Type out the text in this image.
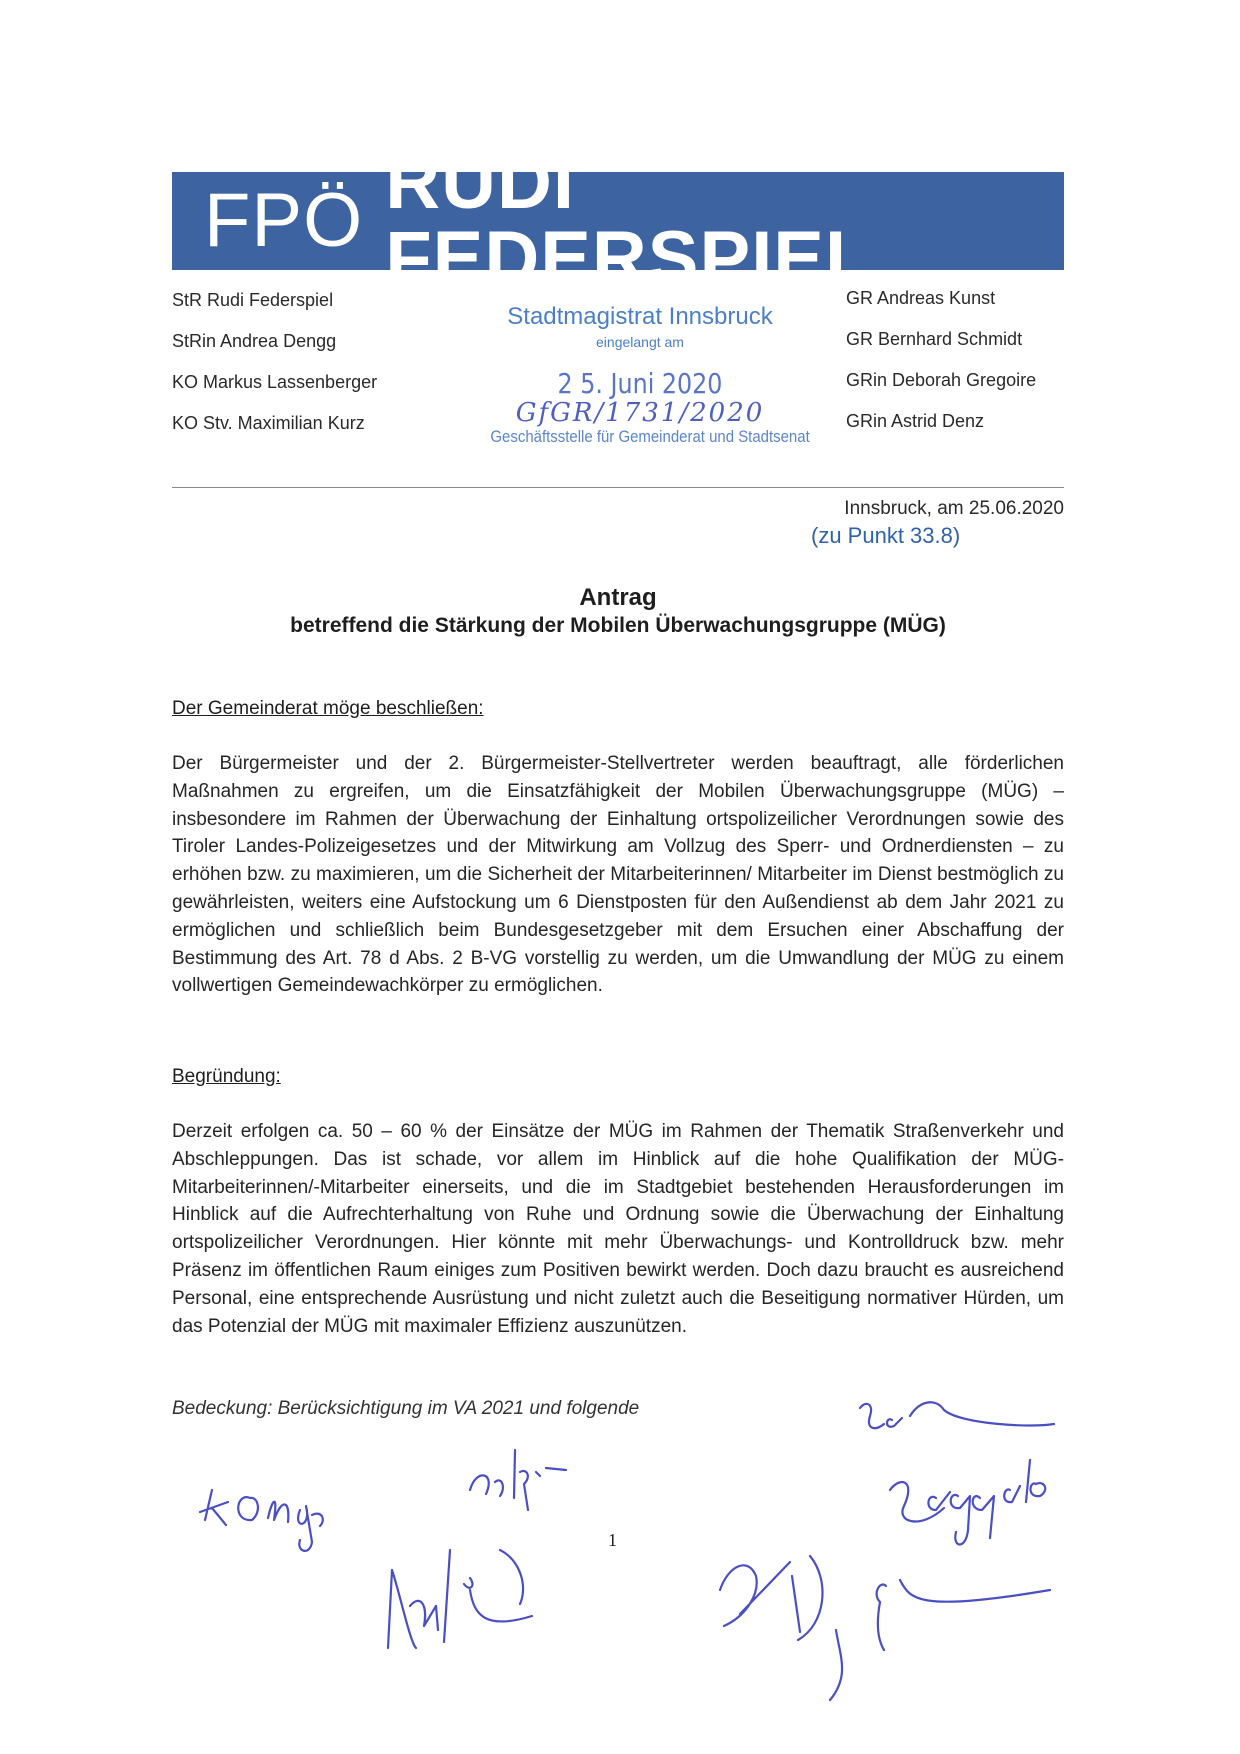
FPÖ RUDI FEDERSPIEL
StR Rudi Federspiel
StRin Andrea Dengg
KO Markus Lassenberger
KO Stv. Maximilian Kurz
GR Andreas Kunst
GR Bernhard Schmidt
GRin Deborah Gregoire
GRin Astrid Denz
Stadtmagistrat Innsbruck
eingelangt am
2 5. Juni 2020
GfGR/1731/2020
Geschäftsstelle für Gemeinderat und Stadtsenat
Innsbruck, am 25.06.2020
(zu Punkt 33.8)
Antrag
betreffend die Stärkung der Mobilen Überwachungsgruppe (MÜG)
Der Gemeinderat möge beschließen:
Der Bürgermeister und der 2. Bürgermeister-Stellvertreter werden beauftragt, alle förderlichen Maßnahmen zu ergreifen, um die Einsatzfähigkeit der Mobilen Überwachungsgruppe (MÜG) – insbesondere im Rahmen der Überwachung der Einhaltung ortspolizeilicher Verordnungen sowie des Tiroler Landes-Polizeigesetzes und der Mitwirkung am Vollzug des Sperr- und Ordnerdiensten – zu erhöhen bzw. zu maximieren, um die Sicherheit der Mitarbeiterinnen/ Mitarbeiter im Dienst bestmöglich zu gewährleisten, weiters eine Aufstockung um 6 Dienstposten für den Außendienst ab dem Jahr 2021 zu ermöglichen und schließlich beim Bundesgesetzgeber mit dem Ersuchen einer Abschaffung der Bestimmung des Art. 78 d Abs. 2 B-VG vorstellig zu werden, um die Umwandlung der MÜG zu einem vollwertigen Gemeindewachkörper zu ermöglichen.
Begründung:
Derzeit erfolgen ca. 50 – 60 % der Einsätze der MÜG im Rahmen der Thematik Straßenverkehr und Abschleppungen. Das ist schade, vor allem im Hinblick auf die hohe Qualifikation der MÜG-Mitarbeiterinnen/-Mitarbeiter einerseits, und die im Stadtgebiet bestehenden Herausforderungen im Hinblick auf die Aufrechterhaltung von Ruhe und Ordnung sowie die Überwachung der Einhaltung ortspolizeilicher Verordnungen. Hier könnte mit mehr Überwachungs- und Kontrolldruck bzw. mehr Präsenz im öffentlichen Raum einiges zum Positiven bewirkt werden. Doch dazu braucht es ausreichend Personal, eine entsprechende Ausrüstung und nicht zuletzt auch die Beseitigung normativer Hürden, um das Potenzial der MÜG mit maximaler Effizienz auszunützen.
Bedeckung: Berücksichtigung im VA 2021 und folgende
1
